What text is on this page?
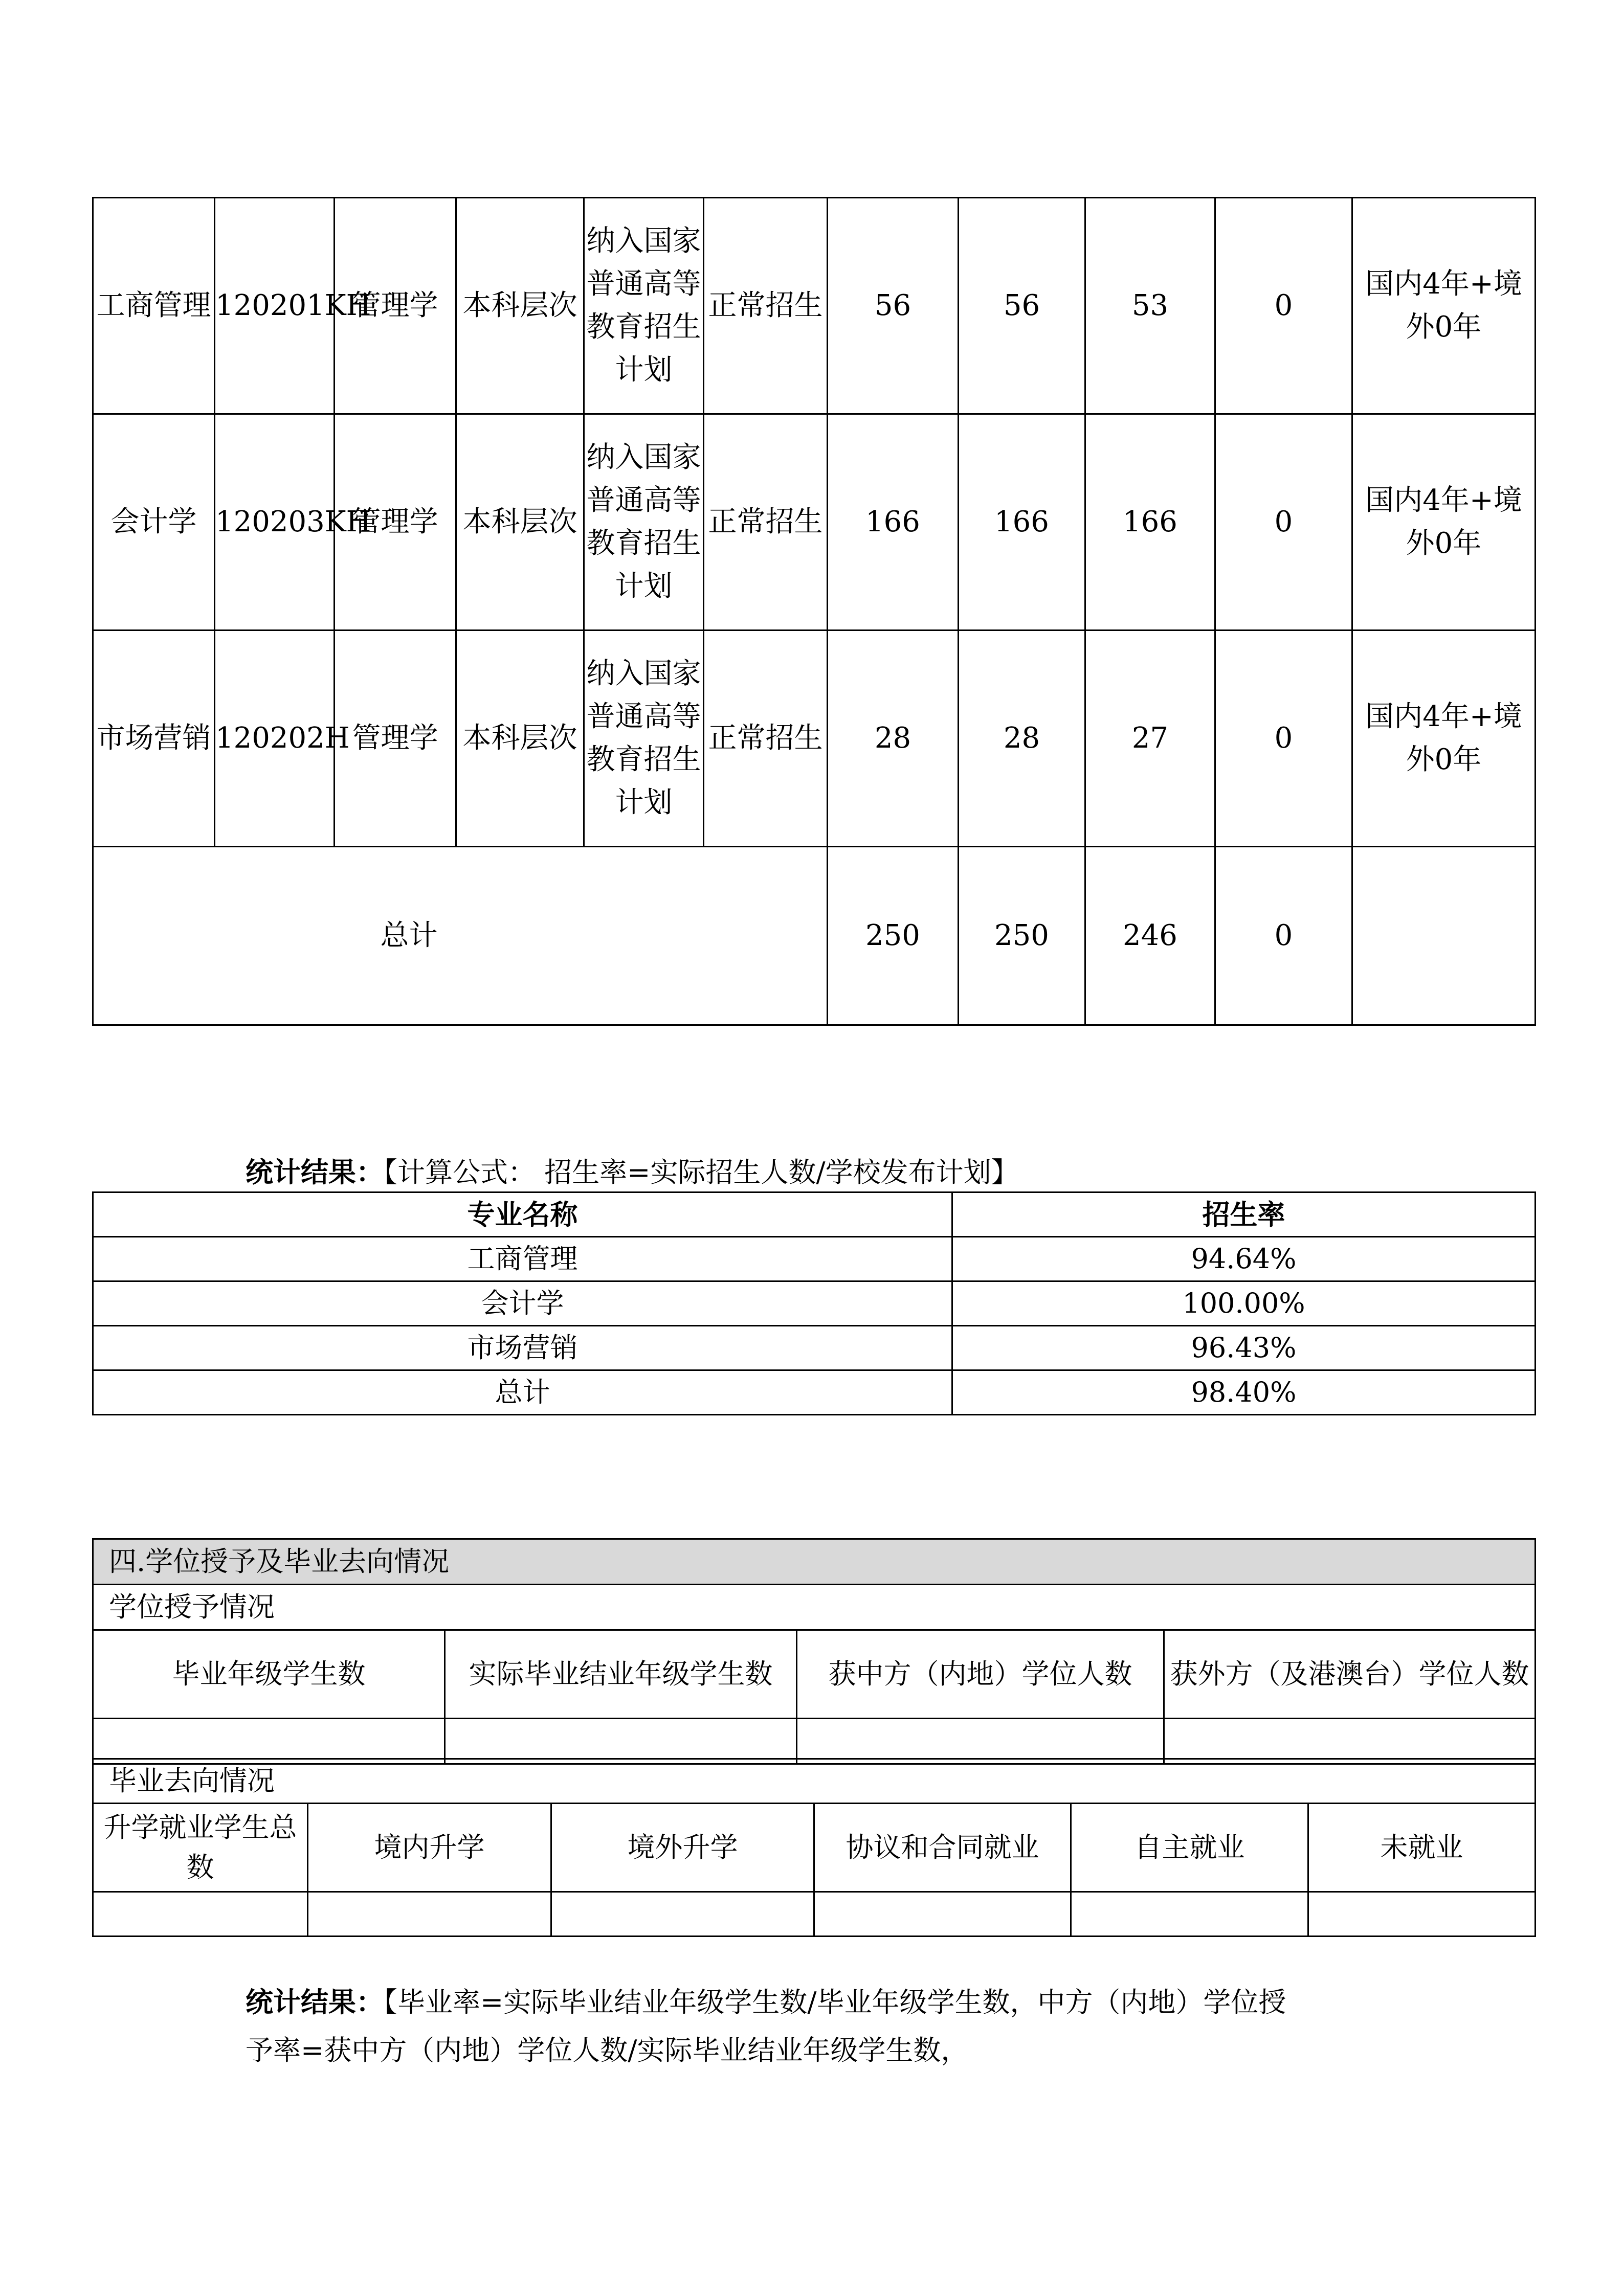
工商管理	120201KH	管理学	本科层次	纳入国家普通高等教育招生计划	正常招生	56	56	53	0	国内4年+境外0年
会计学	120203KH	管理学	本科层次	纳入国家普通高等教育招生计划	正常招生	166	166	166	0	国内4年+境外0年
市场营销	120202H	管理学	本科层次	纳入国家普通高等教育招生计划	正常招生	28	28	27	0	国内4年+境外0年
总计						250	250	246	0	
统计结果：【计算公式： 招生率=实际招生人数/学校发布计划】
专业名称	招生率
工商管理	94.64%
会计学	100.00%
市场营销	96.43%
总计	98.40%
四.学位授予及毕业去向情况			
学位授予情况			
毕业年级学生数	实际毕业结业年级学生数	获中方（内地）学位人数	获外方（及港澳台）学位人数

毕业去向情况					
升学就业学生总数	境内升学	境外升学	协议和合同就业	自主就业	未就业

统计结果：【毕业率=实际毕业结业年级学生数/毕业年级学生数，中方（内地）学位授
予率=获中方（内地）学位人数/实际毕业结业年级学生数，
